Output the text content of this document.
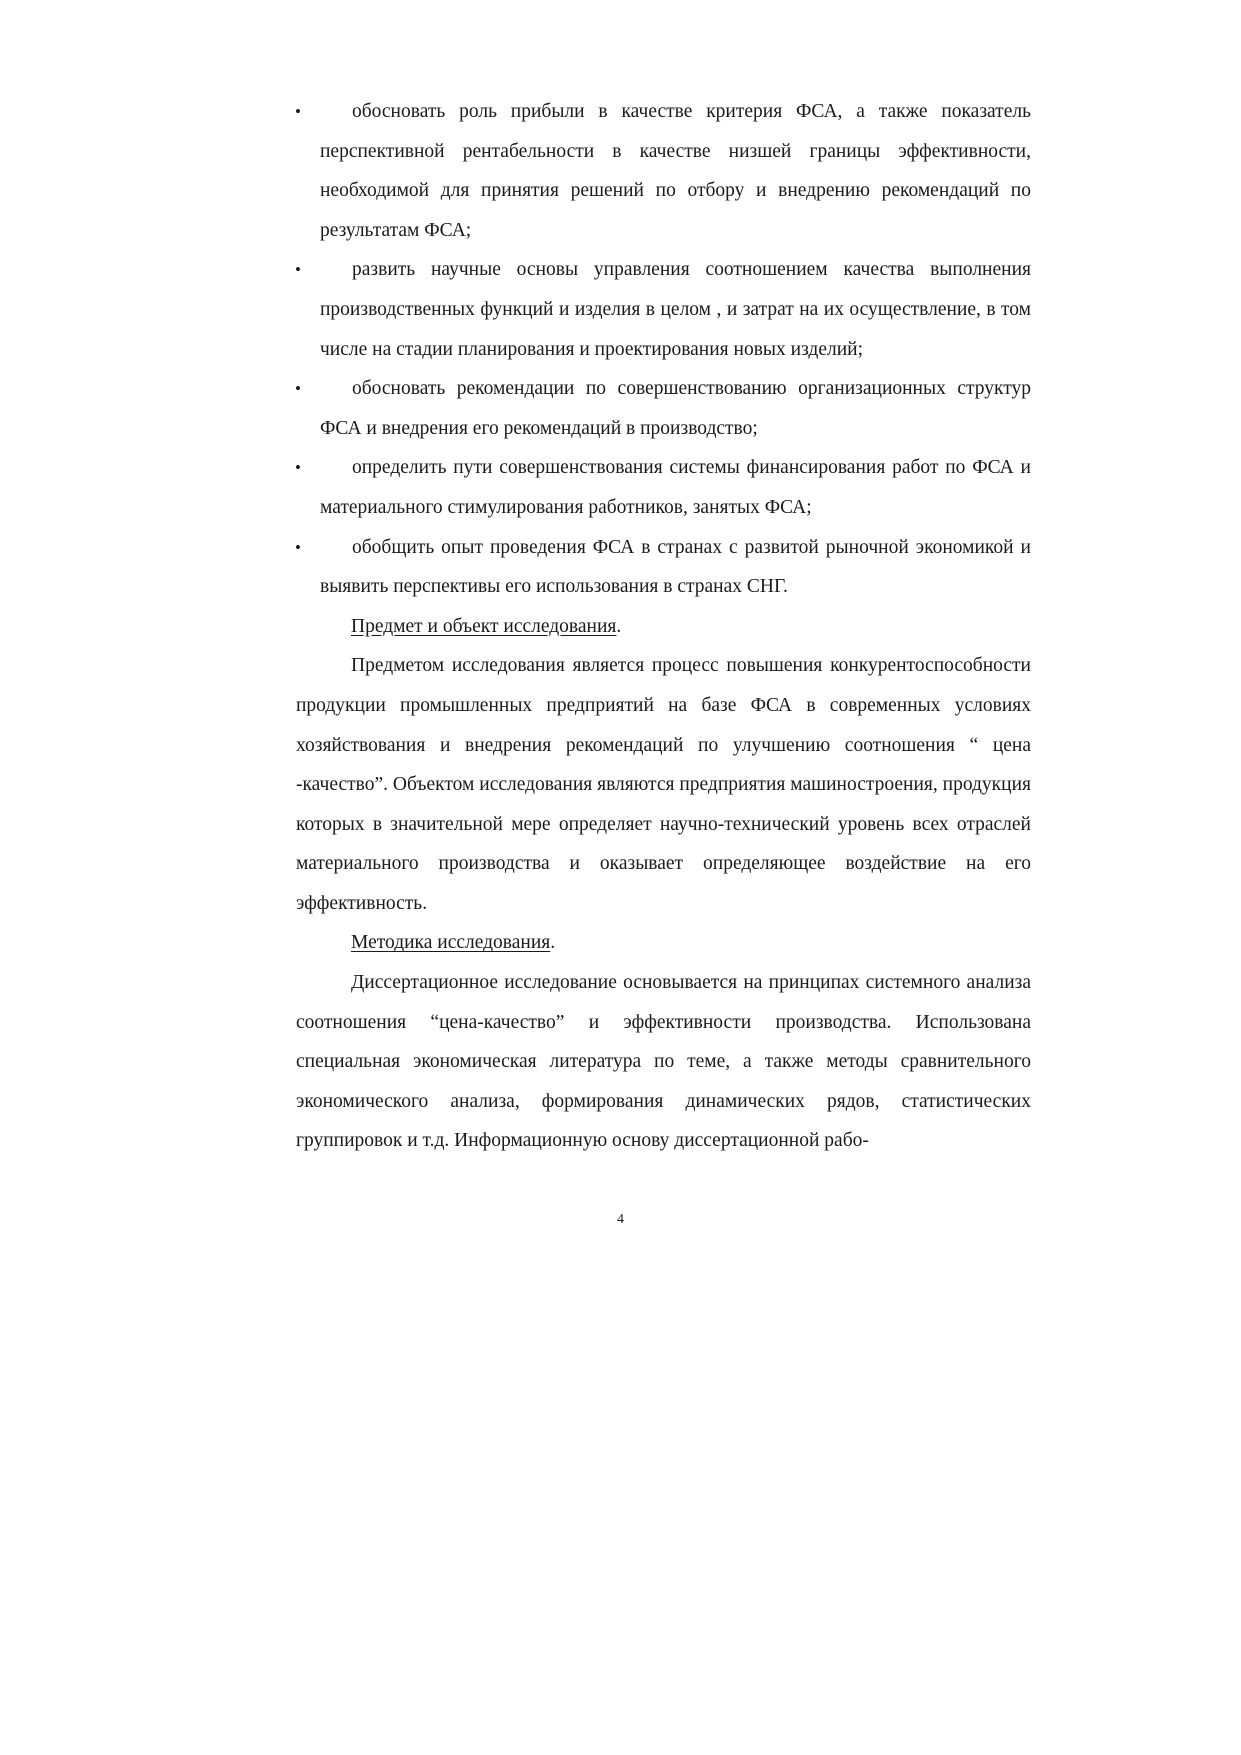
•	обосновать роль прибыли в качестве критерия ФСА, а также показатель перспективной рентабельности в качестве низшей границы эффективности, необходимой для принятия решений по отбору и внедрению рекомендаций по результатам ФСА;
•	развить научные основы управления соотношением качества выполнения производственных функций и изделия в целом , и затрат на их осуществление, в том числе на стадии планирования и проектирования новых изделий;
•	обосновать рекомендации по совершенствованию организационных структур ФСА и внедрения его рекомендаций в производство;
•	определить пути совершенствования системы финансирования работ по ФСА и материального стимулирования работников, занятых ФСА;
•	обобщить опыт проведения ФСА в странах с развитой рыночной экономикой и выявить перспективы его использования в странах СНГ.

Предмет и объект исследования.

Предметом исследования является процесс повышения конкурентоспособности продукции промышленных предприятий на базе ФСА в современных условиях хозяйствования и внедрения рекомендаций по улучшению соотношения “ цена -качество”. Объектом исследования являются предприятия машиностроения, продукция которых в значительной мере определяет научно-технический уровень всех отраслей материального производства и оказывает определяющее воздействие на его эффективность.

Методика исследования.

Диссертационное исследование основывается на принципах системного анализа соотношения “цена-качество” и эффективности производства. Использована специальная экономическая литература по теме, а также методы сравнительного экономического анализа, формирования динамических рядов, статистических группировок и т.д. Информационную основу диссертационной рабо-

4
